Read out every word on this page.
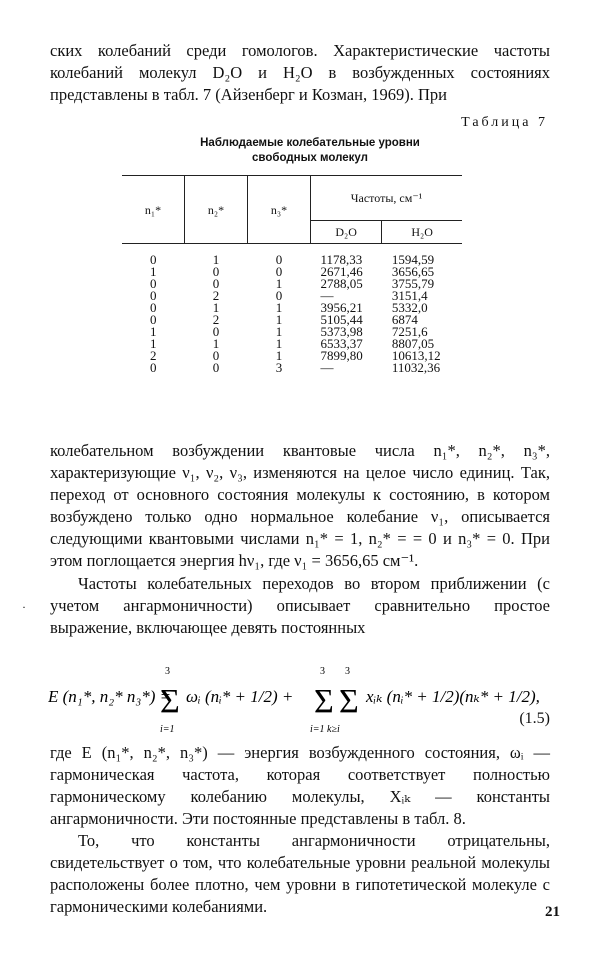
ских колебаний среди гомологов. Характеристические частоты колебаний молекул D₂O и H₂O в возбужденных состояниях представлены в табл. 7 (Айзенберг и Козман, 1969). При

Таблица 7
Наблюдаемые колебательные уровни
свободных молекул
n₁*	n₂*	n₃*	Частоты, см⁻¹	
			D₂O	H₂O
0	1	0	1178,33	1594,59
1	0	0	2671,46	3656,65
0	0	1	2788,05	3755,79
0	2	0	—	3151,4
0	1	1	3956,21	5332,0
0	2	1	5105,44	6874
1	0	1	5373,98	7251,6
1	1	1	6533,37	8807,05
2	0	1	7899,80	10613,12
0	0	3	—	11032,36

колебательном возбуждении квантовые числа n₁*, n₂*, n₃*, характеризующие ν₁, ν₂, ν₃, изменяются на целое число единиц. Так, переход от основного состояния молекулы к состоянию, в котором возбуждено только одно нормальное колебание ν₁, описывается следующими квантовыми числами n₁* = 1, n₂* = = 0 и n₃* = 0. При этом поглощается энергия hν₁, где ν₁ = 3656,65 см⁻¹.

Частоты колебательных переходов во втором приближении (с учетом ангармоничности) описывает сравнительно простое выражение, включающее девять постоянных

·
E (n₁*, n₂* n₃*) =
3
Σ
i=1
ωᵢ (nᵢ* + 1/2) +
3 3
Σ Σ
i=1 k≥i
xᵢₖ (nᵢ* + 1/2)(nₖ* + 1/2),
(1.5)

где E (n₁*, n₂*, n₃*) — энергия возбужденного состояния, ωᵢ — гармоническая частота, которая соответствует полностью гармоническому колебанию молекулы, Xᵢₖ — константы ангармоничности. Эти постоянные представлены в табл. 8.

То, что константы ангармоничности отрицательны, свидетельствует о том, что колебательные уровни реальной молекулы расположены более плотно, чем уровни в гипотетической молекуле с гармоническими колебаниями.	21
